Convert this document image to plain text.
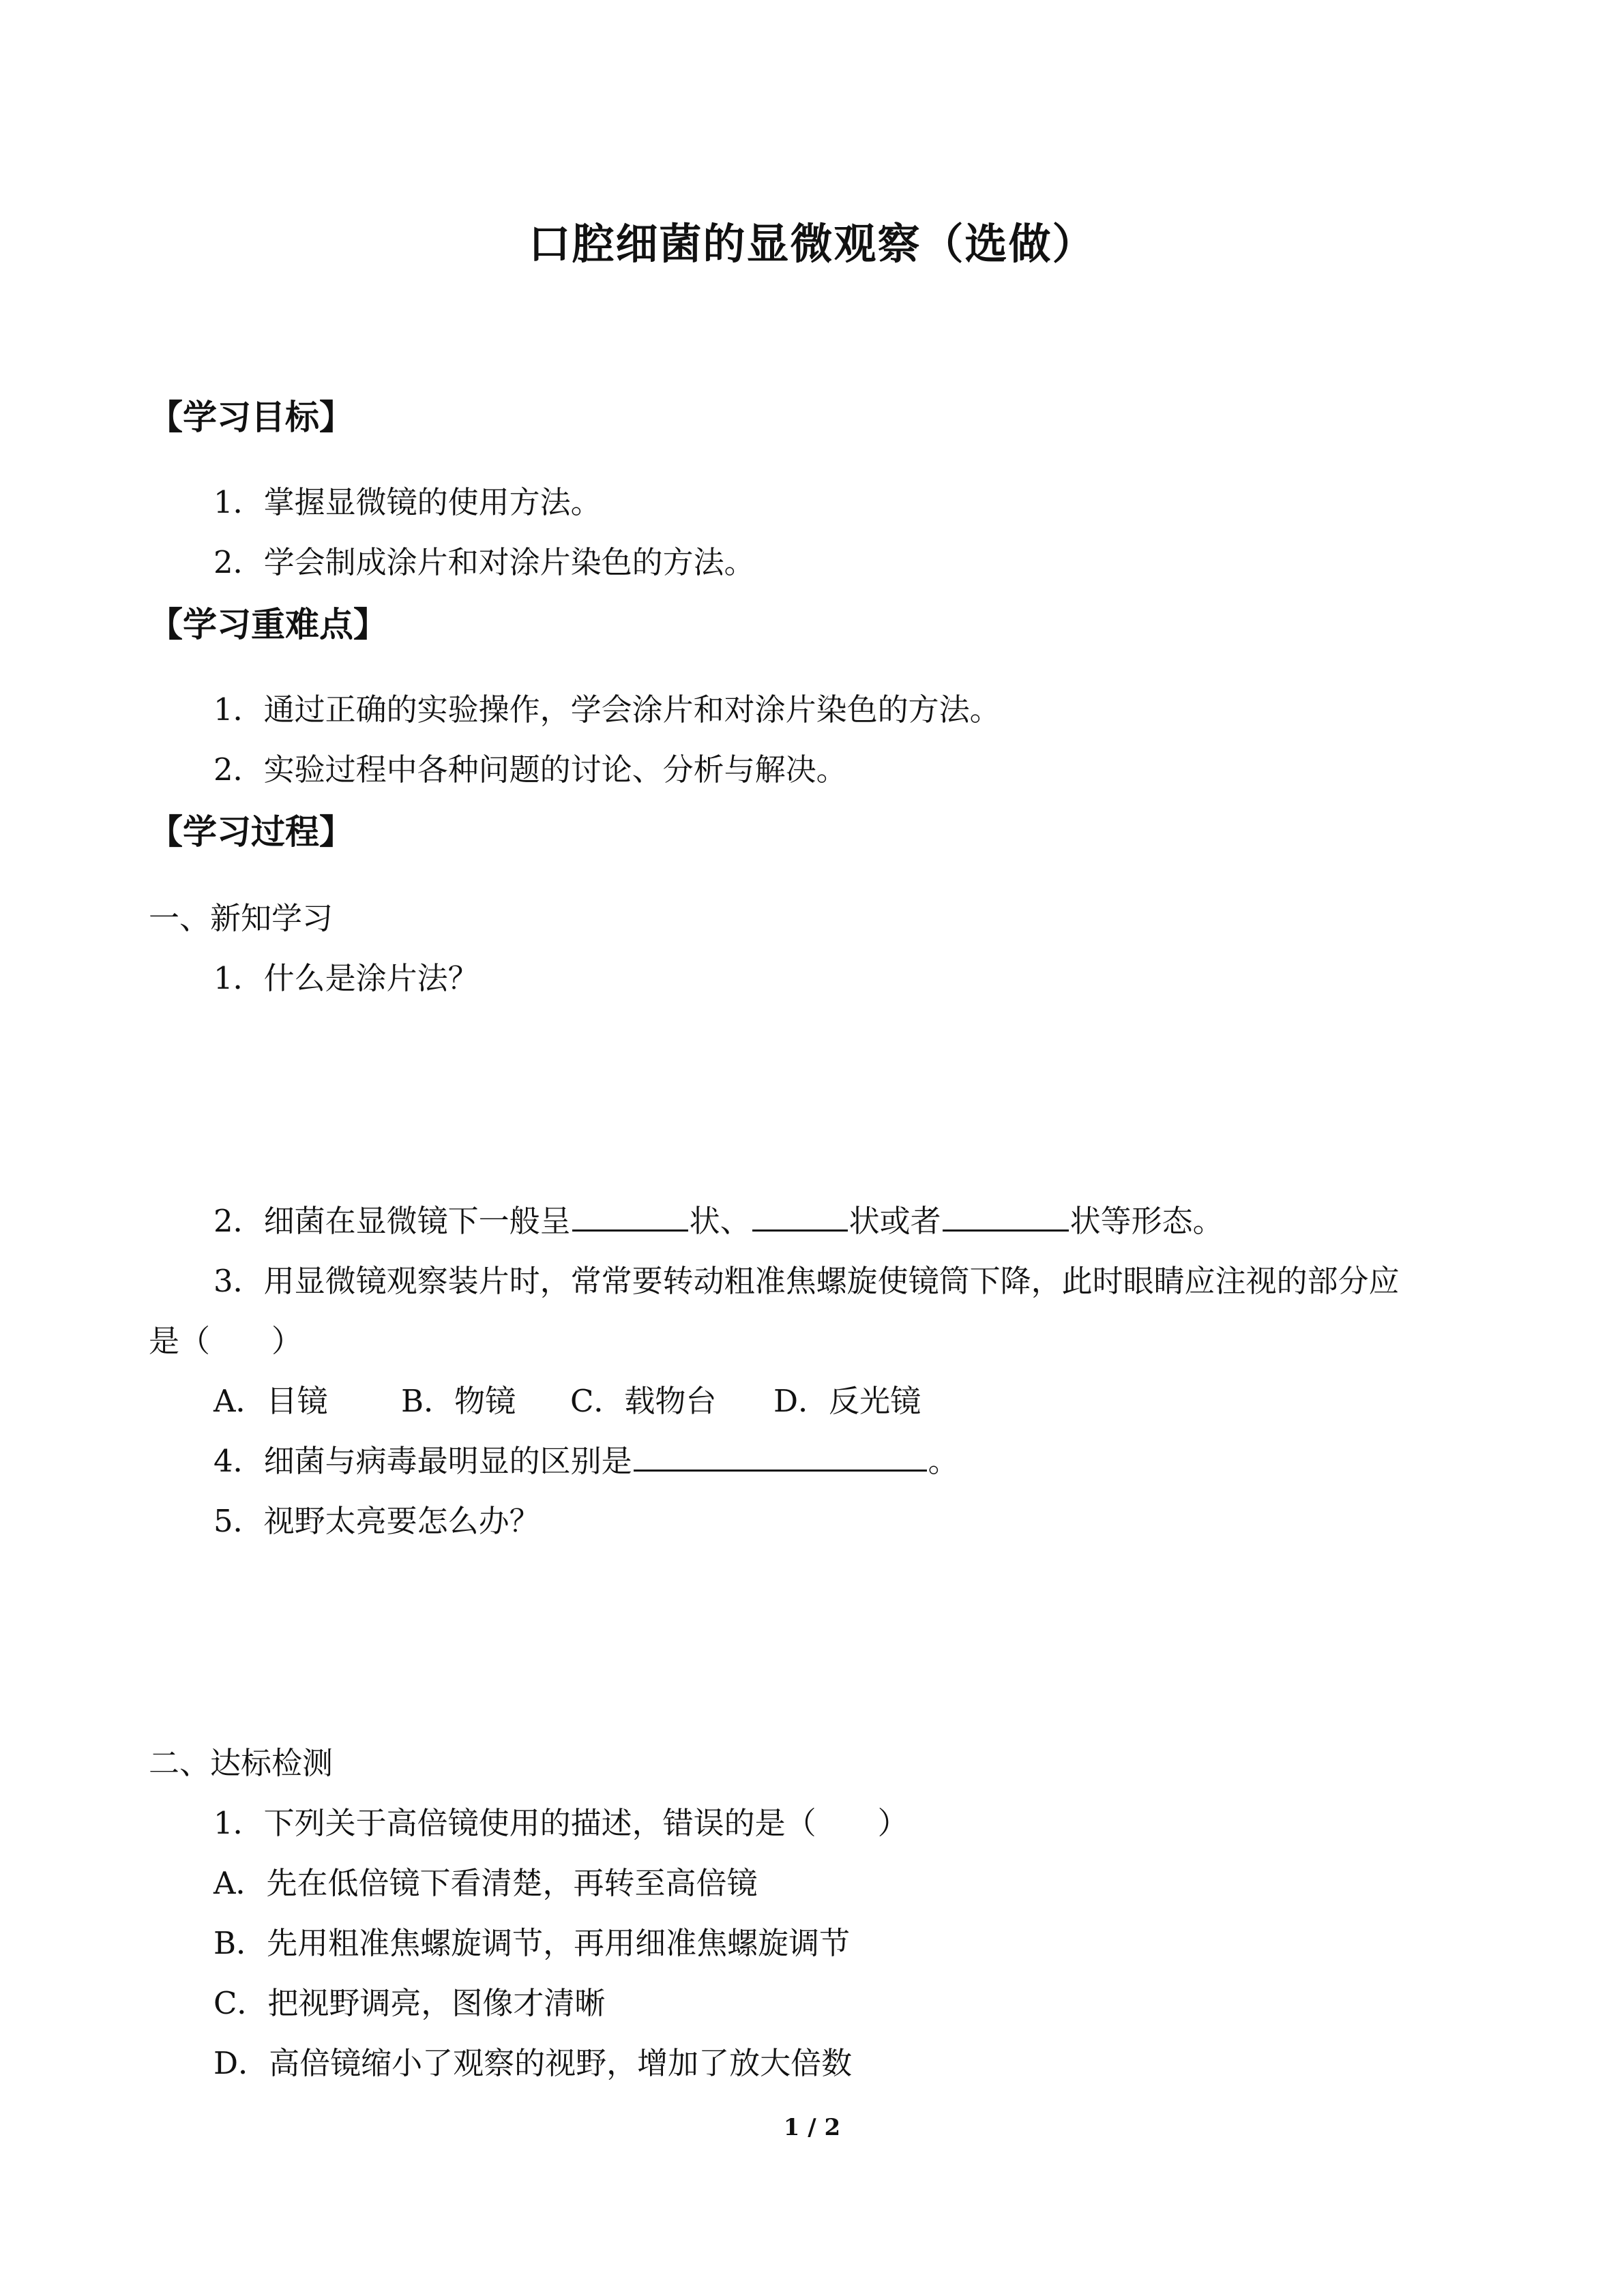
口腔细菌的显微观察（选做）
【学习目标】
1．掌握显微镜的使用方法。
2．学会制成涂片和对涂片染色的方法。
【学习重难点】
1．通过正确的实验操作，学会涂片和对涂片染色的方法。
2．实验过程中各种问题的讨论、分析与解决。
【学习过程】
一、新知学习
1．什么是涂片法？
2．细菌在显微镜下一般呈	状、	状或者	状等形态。
3．用显微镜观察装片时，常常要转动粗准焦螺旋使镜筒下降，此时眼睛应注视的部分应
是（　　）
A．目镜 B．物镜 C．载物台 D．反光镜
4．细菌与病毒最明显的区别是	。
5．视野太亮要怎么办？
二、达标检测
1．下列关于高倍镜使用的描述，错误的是（　　）
A．先在低倍镜下看清楚，再转至高倍镜
B．先用粗准焦螺旋调节，再用细准焦螺旋调节
C．把视野调亮，图像才清晰
D．高倍镜缩小了观察的视野，增加了放大倍数
1 / 2
